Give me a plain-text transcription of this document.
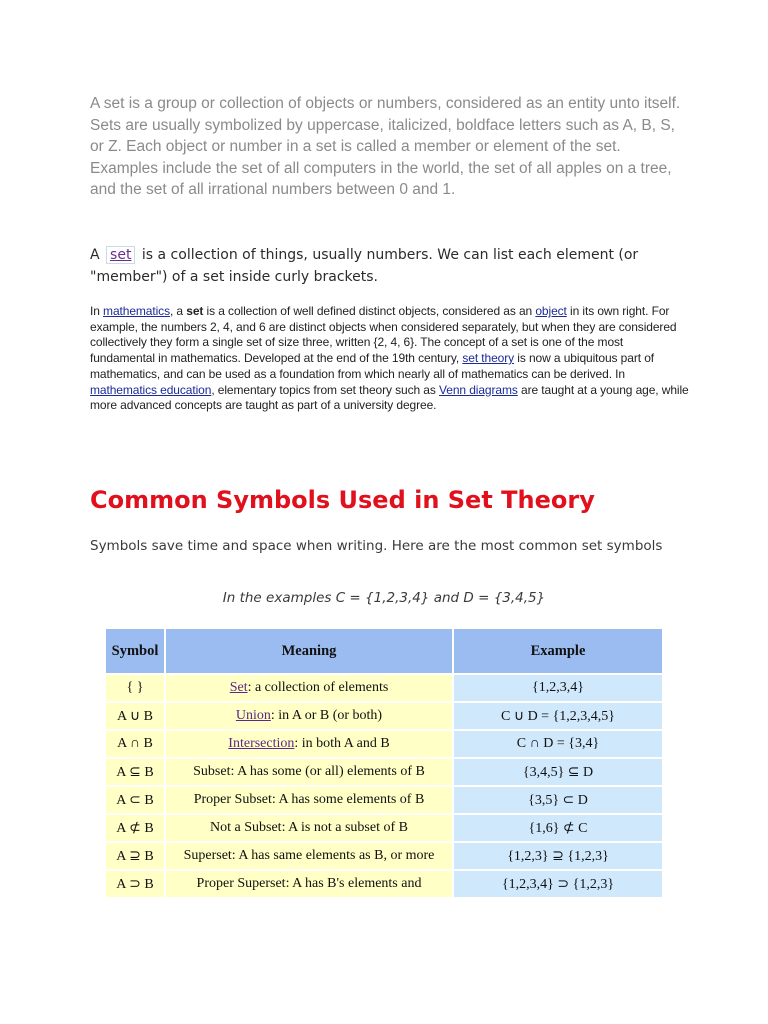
A set is a group or collection of objects or numbers, considered as an entity unto itself. Sets are usually symbolized by uppercase, italicized, boldface letters such as A, B, S, or Z. Each object or number in a set is called a member or element of the set. Examples include the set of all computers in the world, the set of all apples on a tree, and the set of all irrational numbers between 0 and 1.

A set is a collection of things, usually numbers. We can list each element (or "member") of a set inside curly brackets.

In mathematics, a set is a collection of well defined distinct objects, considered as an object in its own right. For example, the numbers 2, 4, and 6 are distinct objects when considered separately, but when they are considered collectively they form a single set of size three, written {2, 4, 6}. The concept of a set is one of the most fundamental in mathematics. Developed at the end of the 19th century, set theory is now a ubiquitous part of mathematics, and can be used as a foundation from which nearly all of mathematics can be derived. In mathematics education, elementary topics from set theory such as Venn diagrams are taught at a young age, while more advanced concepts are taught as part of a university degree.

Common Symbols Used in Set Theory

Symbols save time and space when writing. Here are the most common set symbols

In the examples C = {1,2,3,4} and D = {3,4,5}

Symbol	Meaning	Example
{ }	Set: a collection of elements	{1,2,3,4}
A ∪ B	Union: in A or B (or both)	C ∪ D = {1,2,3,4,5}
A ∩ B	Intersection: in both A and B	C ∩ D = {3,4}
A ⊆ B	Subset: A has some (or all) elements of B	{3,4,5} ⊆ D
A ⊂ B	Proper Subset: A has some elements of B	{3,5} ⊂ D
A ⊄ B	Not a Subset: A is not a subset of B	{1,6} ⊄ C
A ⊇ B	Superset: A has same elements as B, or more	{1,2,3} ⊇ {1,2,3}
A ⊃ B	Proper Superset: A has B's elements and	{1,2,3,4} ⊃ {1,2,3}
